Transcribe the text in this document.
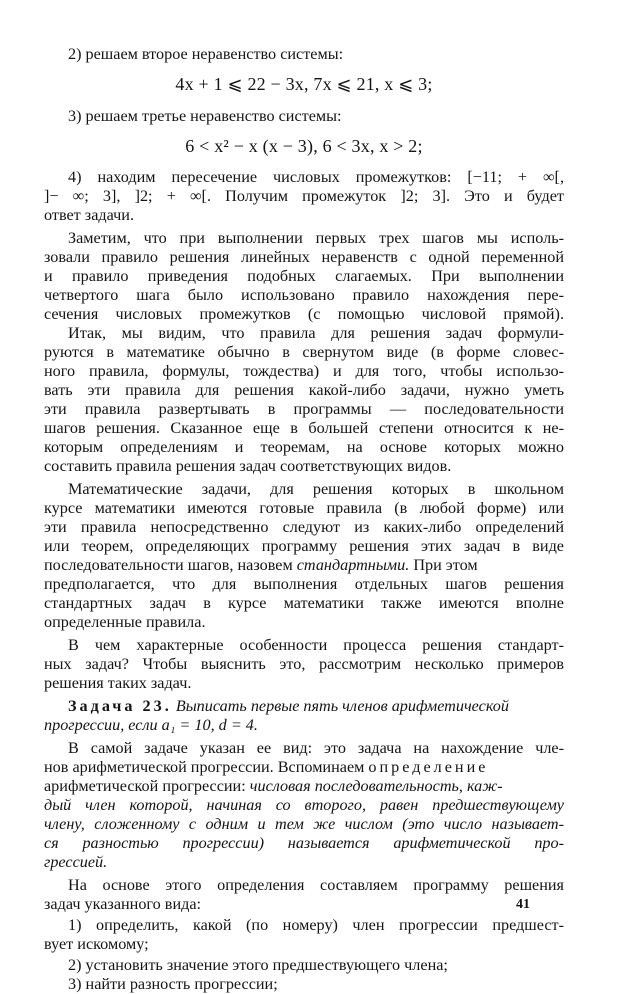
2) решаем второе неравенство системы:
4x + 1 ⩽ 22 − 3x, 7x ⩽ 21, x ⩽ 3;
3) решаем третье неравенство системы:
6 < x² − x (x − 3), 6 < 3x, x > 2;
4) находим пересечение числовых промежутков: [−11; + ∞[,
]− ∞; 3], ]2; + ∞[. Получим промежуток ]2; 3]. Это и будет
ответ задачи.
Заметим, что при выполнении первых трех шагов мы исполь-
зовали правило решения линейных неравенств с одной переменной
и правило приведения подобных слагаемых. При выполнении
четвертого шага было использовано правило нахождения пере-
сечения числовых промежутков (с помощью числовой прямой).
Итак, мы видим, что правила для решения задач формули-
руются в математике обычно в свернутом виде (в форме словес-
ного правила, формулы, тождества) и для того, чтобы использо-
вать эти правила для решения какой-либо задачи, нужно уметь
эти правила развертывать в программы — последовательности
шагов решения. Сказанное еще в большей степени относится к не-
которым определениям и теоремам, на основе которых можно
составить правила решения задач соответствующих видов.
Математические задачи, для решения которых в школьном
курсе математики имеются готовые правила (в любой форме) или
эти правила непосредственно следуют из каких-либо определений
или теорем, определяющих программу решения этих задач в виде
последовательности шагов, назовем стандартными. При этом
предполагается, что для выполнения отдельных шагов решения
стандартных задач в курсе математики также имеются вполне
определенные правила.
В чем характерные особенности процесса решения стандарт-
ных задач? Чтобы выяснить это, рассмотрим несколько примеров
решения таких задач.
Задача 23. Выписать первые пять членов арифметической
прогрессии, если a₁ = 10, d = 4.
В самой задаче указан ее вид: это задача на нахождение чле-
нов арифметической прогрессии. Вспоминаем определение
арифметической прогрессии: числовая последовательность, каж-
дый член которой, начиная со второго, равен предшествующему
члену, сложенному с одним и тем же числом (это число называет-
ся разностью прогрессии) называется арифметической про-
грессией.
На основе этого определения составляем программу решения
задач указанного вида:
1) определить, какой (по номеру) член прогрессии предшест-
вует искомому;
2) установить значение этого предшествующего члена;
3) найти разность прогрессии;
41
